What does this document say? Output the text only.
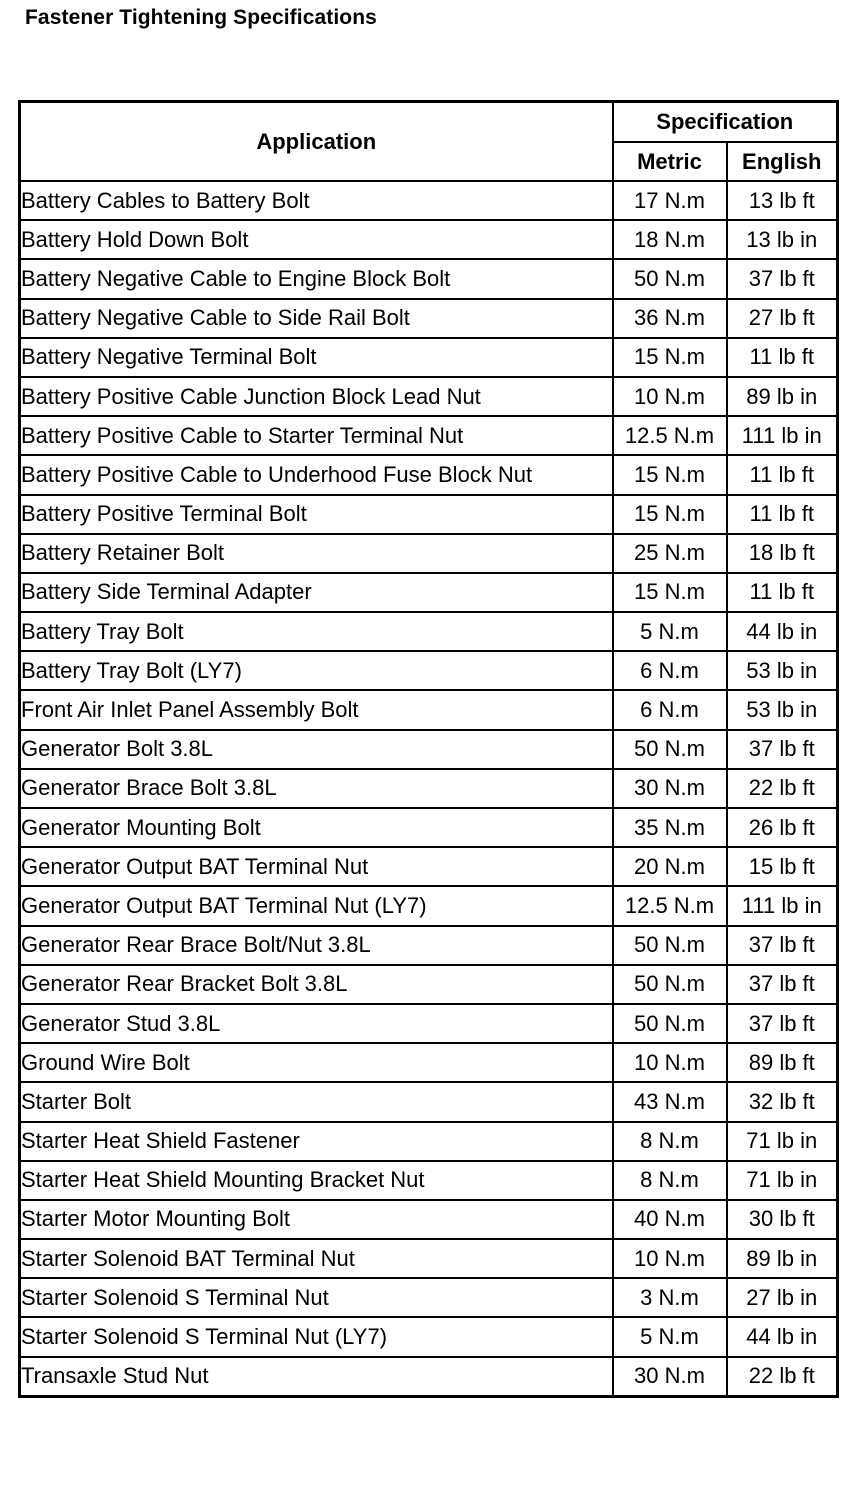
Fastener Tightening Specifications
Application	Specification	
	Metric	English
Battery Cables to Battery Bolt	17 N.m	13 lb ft
Battery Hold Down Bolt	18 N.m	13 lb in
Battery Negative Cable to Engine Block Bolt	50 N.m	37 lb ft
Battery Negative Cable to Side Rail Bolt	36 N.m	27 lb ft
Battery Negative Terminal Bolt	15 N.m	11 lb ft
Battery Positive Cable Junction Block Lead Nut	10 N.m	89 lb in
Battery Positive Cable to Starter Terminal Nut	12.5 N.m	111 lb in
Battery Positive Cable to Underhood Fuse Block Nut	15 N.m	11 lb ft
Battery Positive Terminal Bolt	15 N.m	11 lb ft
Battery Retainer Bolt	25 N.m	18 lb ft
Battery Side Terminal Adapter	15 N.m	11 lb ft
Battery Tray Bolt	5 N.m	44 lb in
Battery Tray Bolt (LY7)	6 N.m	53 lb in
Front Air Inlet Panel Assembly Bolt	6 N.m	53 lb in
Generator Bolt 3.8L	50 N.m	37 lb ft
Generator Brace Bolt 3.8L	30 N.m	22 lb ft
Generator Mounting Bolt	35 N.m	26 lb ft
Generator Output BAT Terminal Nut	20 N.m	15 lb ft
Generator Output BAT Terminal Nut (LY7)	12.5 N.m	111 lb in
Generator Rear Brace Bolt/Nut 3.8L	50 N.m	37 lb ft
Generator Rear Bracket Bolt 3.8L	50 N.m	37 lb ft
Generator Stud 3.8L	50 N.m	37 lb ft
Ground Wire Bolt	10 N.m	89 lb ft
Starter Bolt	43 N.m	32 lb ft
Starter Heat Shield Fastener	8 N.m	71 lb in
Starter Heat Shield Mounting Bracket Nut	8 N.m	71 lb in
Starter Motor Mounting Bolt	40 N.m	30 lb ft
Starter Solenoid BAT Terminal Nut	10 N.m	89 lb in
Starter Solenoid S Terminal Nut	3 N.m	27 lb in
Starter Solenoid S Terminal Nut (LY7)	5 N.m	44 lb in
Transaxle Stud Nut	30 N.m	22 lb ft
